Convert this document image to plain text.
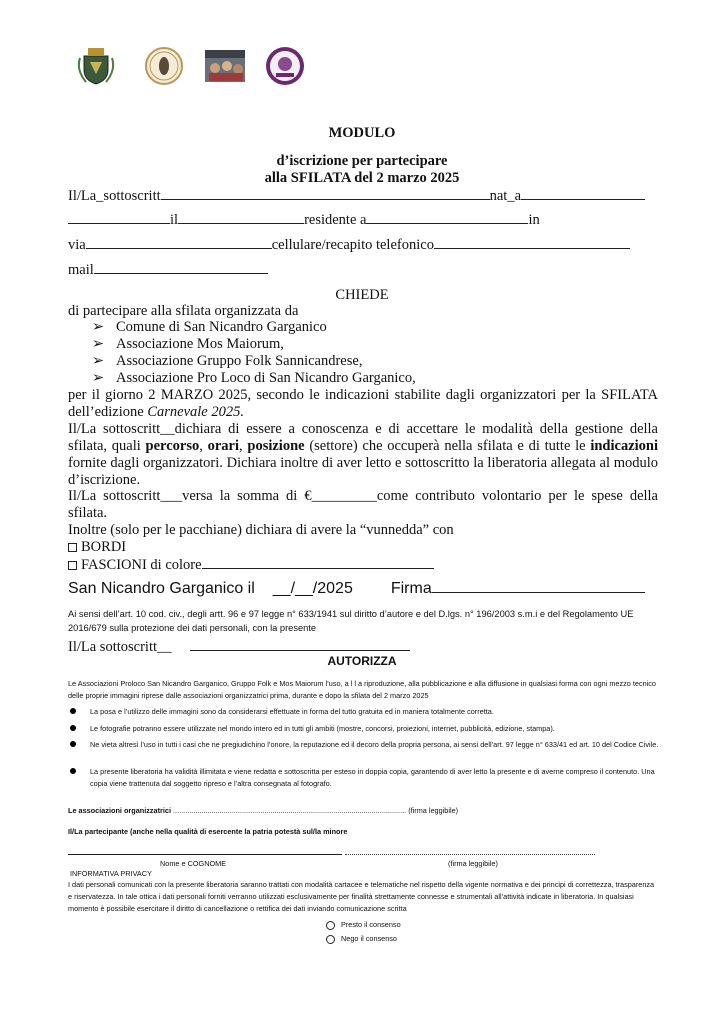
MODULO
d’iscrizione per partecipare
alla SFILATA del 2 marzo 2025
Il/La_sottoscritt	nat_a
il	residente a	in
via	cellulare/recapito telefonico
mail
CHIEDE
di partecipare alla sfilata organizzata da
➢ Comune di San Nicandro Garganico
➢ Associazione Mos Maiorum,
➢ Associazione Gruppo Folk Sannicandrese,
➢ Associazione Pro Loco di San Nicandro Garganico,
per il giorno 2 MARZO 2025, secondo le indicazioni stabilite dagli organizzatori per la SFILATA dell’edizione Carnevale 2025.
Il/La sottoscritt__dichiara di essere a conoscenza e di accettare le modalità della gestione della sfilata, quali percorso, orari, posizione (settore) che occuperà nella sfilata e di tutte le indicazioni fornite dagli organizzatori. Dichiara inoltre di aver letto e sottoscritto la liberatoria allegata al modulo d’iscrizione.
Il/La sottoscritt___versa la somma di €_________come contributo volontario per le spese della sfilata.
Inoltre (solo per le pacchiane) dichiara di avere la “vunnedda” con
BORDI
FASCIONI di colore
San Nicandro Garganico il __/__/2025 Firma
Ai sensi dell’art. 10 cod. civ., degli artt. 96 e 97 legge n° 633/1941 sul diritto d’autore e del D.lgs. n° 196/2003 s.m.i e del Regolamento UE 2016/679 sulla protezione dei dati personali, con la presente
Il/La sottoscritt__
AUTORIZZA
Le Associazioni Proloco San Nicandro Garganico, Gruppo Folk e Mos Maiorum l’uso, a l l a riproduzione, alla pubblicazione e alla diffusione in qualsiasi forma con ogni mezzo tecnico delle proprie immagini riprese dalle associazioni organizzatrici prima, durante e dopo la sfilata del 2 marzo 2025
La posa e l’utilizzo delle immagini sono da considerarsi effettuate in forma del tutto gratuita ed in maniera totalmente corretta.
Le fotografie potranno essere utilizzate nel mondo intero ed in tutti gli ambiti (mostre, concorsi, proiezioni, internet, pubblicità, edizione, stampa).
Ne vieta altresì l’uso in tutti i casi che ne pregiudichino l’onore, la reputazione ed il decoro della propria persona, ai sensi dell’art. 97 legge n° 633/41 ed art. 10 del Codice Civile.
La presente liberatoria ha validità illimitata e viene redatta e sottoscritta per esteso in doppia copia, garantendo di aver letto la presente e di averne compreso il contenuto. Una copia viene trattenuta dal soggetto ripreso e l’altra consegnata al fotografo.
Le associazioni organizzatrici ................................................................................................................... (firma leggibile)
Il/La partecipante (anche nella qualità di esercente la patria potestà sul/la minore
Nome e COGNOME	(firma leggibile)
INFORMATIVA PRIVACY
I dati personali comunicati con la presente liberatoria saranno trattati con modalità cartacee e telematiche nel rispetto della vigente normativa e dei principi di correttezza, trasparenza e riservatezza. In tale ottica i dati personali forniti verranno utilizzati esclusivamente per finalità strettamente connesse e strumentali all’attività indicate in liberatoria. In qualsiasi momento è possibile esercitare il diritto di cancellazione o rettifica dei dati inviando comunicazione scritta
Presto il consenso
Nego il consenso
